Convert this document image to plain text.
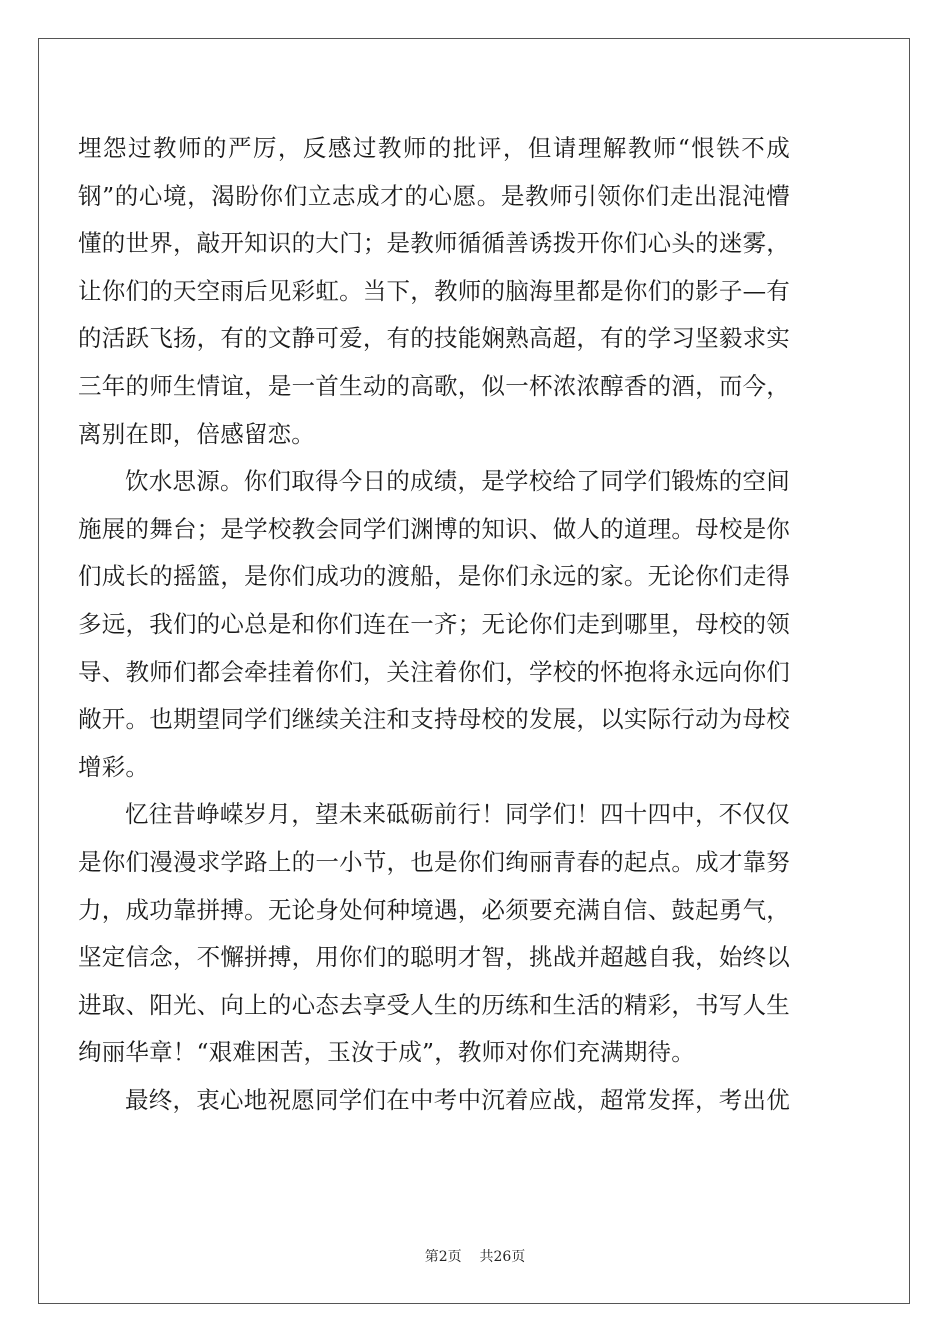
埋怨过教师的严厉，反感过教师的批评，但请理解教师“恨铁不成
钢”的心境，渴盼你们立志成才的心愿。是教师引领你们走出混沌懵
懂的世界，敲开知识的大门；是教师循循善诱拨开你们心头的迷雾，
让你们的天空雨后见彩虹。当下，教师的脑海里都是你们的影子—有
的活跃飞扬，有的文静可爱，有的技能娴熟高超，有的学习坚毅求实
三年的师生情谊，是一首生动的高歌，似一杯浓浓醇香的酒，而今，
离别在即，倍感留恋。
饮水思源。你们取得今日的成绩，是学校给了同学们锻炼的空间
施展的舞台；是学校教会同学们渊博的知识、做人的道理。母校是你
们成长的摇篮，是你们成功的渡船，是你们永远的家。无论你们走得
多远，我们的心总是和你们连在一齐；无论你们走到哪里，母校的领
导、教师们都会牵挂着你们，关注着你们，学校的怀抱将永远向你们
敞开。也期望同学们继续关注和支持母校的发展，以实际行动为母校
增彩。
忆往昔峥嵘岁月，望未来砥砺前行！同学们！四十四中，不仅仅
是你们漫漫求学路上的一小节，也是你们绚丽青春的起点。成才靠努
力，成功靠拼搏。无论身处何种境遇，必须要充满自信、鼓起勇气，
坚定信念，不懈拼搏，用你们的聪明才智，挑战并超越自我，始终以
进取、阳光、向上的心态去享受人生的历练和生活的精彩，书写人生
绚丽华章！“艰难困苦，玉汝于成”，教师对你们充满期待。
最终，衷心地祝愿同学们在中考中沉着应战，超常发挥，考出优
第2页    共26页
